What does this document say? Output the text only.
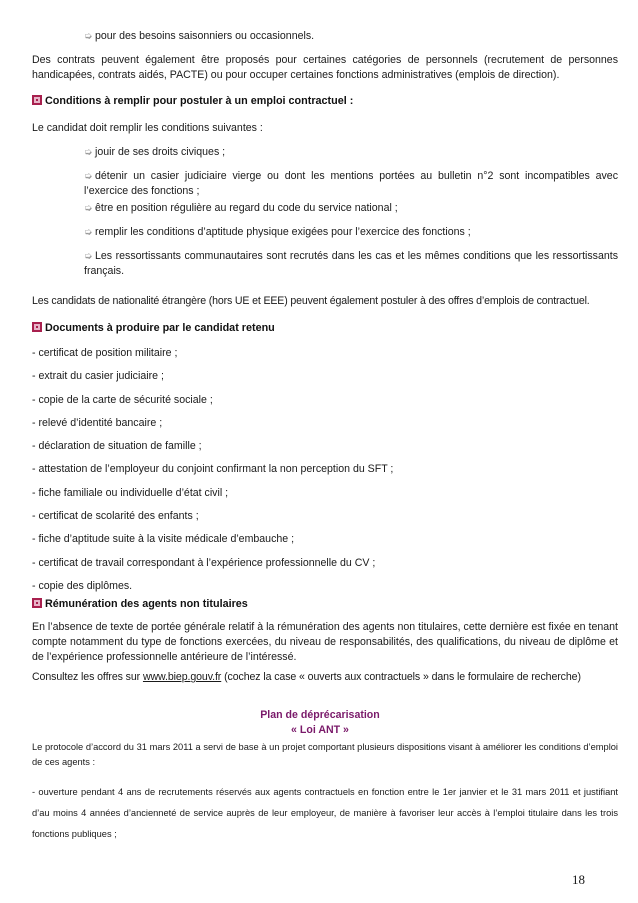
➭ pour des besoins saisonniers ou occasionnels.

Des contrats peuvent également être proposés pour certaines catégories de personnels (recrutement de personnes handicapées, contrats aidés, PACTE) ou pour occuper certaines fonctions administratives (emplois de direction).

Conditions à remplir pour postuler à un emploi contractuel :

Le candidat doit remplir les conditions suivantes :

➭ jouir de ses droits civiques ;

➭ détenir un casier judiciaire vierge ou dont les mentions portées au bulletin n°2 sont incompatibles avec l’exercice des fonctions ;

➭ être en position régulière au regard du code du service national ;

➭ remplir les conditions d’aptitude physique exigées pour l’exercice des fonctions ;

➭ Les ressortissants communautaires sont recrutés dans les cas et les mêmes conditions que les ressortissants français.

Les candidats de nationalité étrangère (hors UE et EEE) peuvent également postuler à des offres d’emplois de contractuel.

Documents à produire par le candidat retenu

- certificat de position militaire ;

- extrait du casier judiciaire ;

- copie de la carte de sécurité sociale ;

- relevé d’identité bancaire ;

- déclaration de situation de famille ;

- attestation de l’employeur du conjoint confirmant la non perception du SFT ;

- fiche familiale ou individuelle d’état civil ;

- certificat de scolarité des enfants ;

- fiche d’aptitude suite à la visite médicale d’embauche ;

- certificat de travail correspondant à l’expérience professionnelle du CV ;

- copie des diplômes.

Rémunération des agents non titulaires

En l’absence de texte de portée générale relatif à la rémunération des agents non titulaires, cette dernière est fixée en tenant compte notamment du type de fonctions exercées, du niveau de responsabilités, des qualifications, du niveau de diplôme et de l’expérience professionnelle antérieure de l’intéressé.

Consultez les offres sur www.biep.gouv.fr (cochez la case « ouverts aux contractuels » dans le formulaire de recherche)

Plan de déprécarisation
« Loi ANT »

Le protocole d’accord du 31 mars 2011 a servi de base à un projet comportant plusieurs dispositions visant à améliorer les conditions d’emploi de ces agents :

- ouverture pendant 4 ans de recrutements réservés aux agents contractuels en fonction entre le 1er janvier et le 31 mars 2011 et justifiant d’au moins 4 années d’ancienneté de service auprès de leur employeur, de manière à favoriser leur accès à l’emploi titulaire dans les trois fonctions publiques ;

18
